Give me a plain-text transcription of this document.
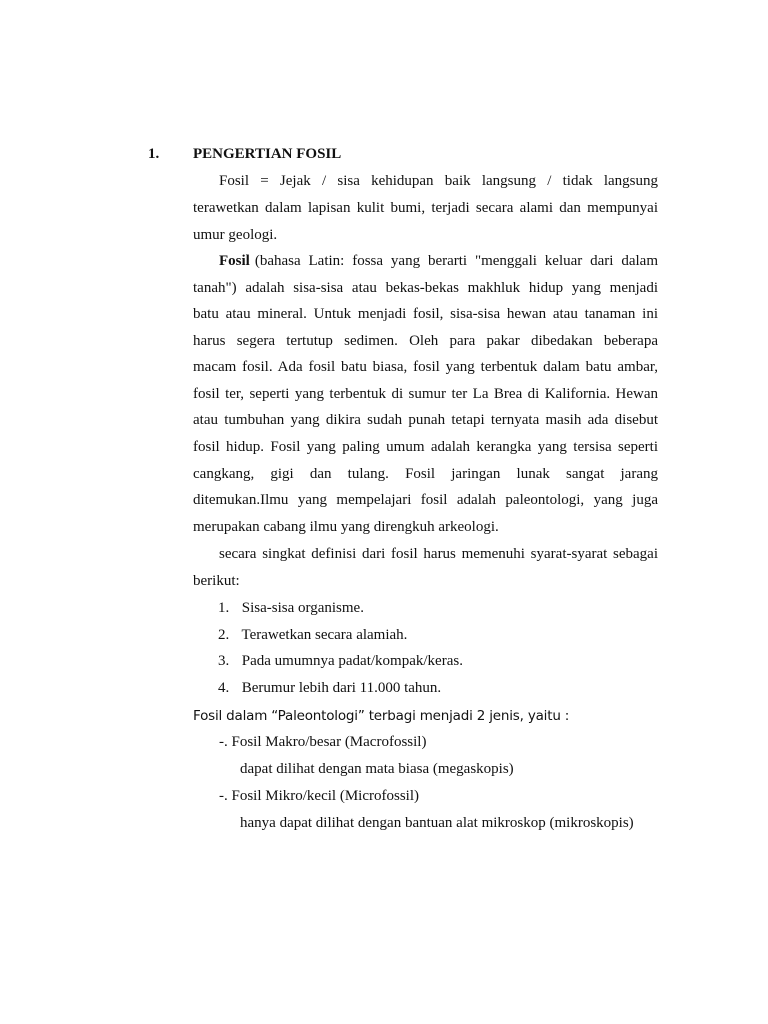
1. PENGERTIAN FOSIL
Fosil = Jejak / sisa kehidupan baik langsung / tidak langsung
terawetkan dalam lapisan kulit bumi, terjadi secara alami dan mempunyai
umur geologi.
Fosil (bahasa Latin: fossa yang berarti "menggali keluar dari dalam
tanah") adalah sisa-sisa atau bekas-bekas makhluk hidup yang menjadi
batu atau mineral. Untuk menjadi fosil, sisa-sisa hewan atau tanaman ini
harus segera tertutup sedimen. Oleh para pakar dibedakan beberapa
macam fosil. Ada fosil batu biasa, fosil yang terbentuk dalam batu ambar,
fosil ter, seperti yang terbentuk di sumur ter La Brea di Kalifornia. Hewan
atau tumbuhan yang dikira sudah punah tetapi ternyata masih ada disebut
fosil hidup. Fosil yang paling umum adalah kerangka yang tersisa seperti
cangkang, gigi dan tulang. Fosil jaringan lunak sangat jarang
ditemukan.Ilmu yang mempelajari fosil adalah paleontologi, yang juga
merupakan cabang ilmu yang direngkuh arkeologi.
secara singkat definisi dari fosil harus memenuhi syarat-syarat sebagai
berikut:
1. Sisa-sisa organisme.
2. Terawetkan secara alamiah.
3. Pada umumnya padat/kompak/keras.
4. Berumur lebih dari 11.000 tahun.
Fosil dalam “Paleontologi” terbagi menjadi 2 jenis, yaitu :
-. Fosil Makro/besar (Macrofossil)
dapat dilihat dengan mata biasa (megaskopis)
-. Fosil Mikro/kecil (Microfossil)
hanya dapat dilihat dengan bantuan alat mikroskop (mikroskopis)
